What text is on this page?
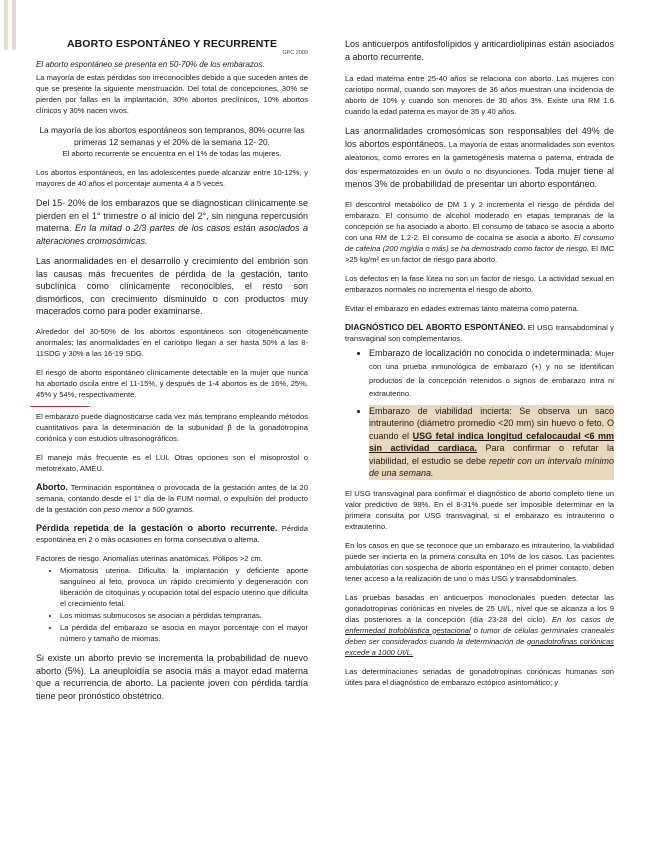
ABORTO ESPONTÁNEO Y RECURRENTE
GPC 2009

El aborto espontáneo se presenta en 50-70% de los embarazos.

La mayoría de estas pérdidas son irreconocibles debido a que suceden antes de que se presente la siguiente menstruación. Del total de concepciones, 30% se pierden por fallas en la implantación, 30% abortos preclínicos, 10% abortos clínicos y 30% nacen vivos.

La mayoría de los abortos espontáneos son tempranos, 80% ocurre las primeras 12 semanas y el 20% de la semana 12- 20.

El aborto recurrente se encuentra en el 1% de todas las mujeres.

Los abortos espontáneos, en las adolescentes puede alcanzar entre 10-12%, y mayores de 40 años el porcentaje aumenta 4 a 5 veces.

Del 15- 20% de los embarazos que se diagnostican clínicamente se pierden en el 1° trimestre o al inicio del 2°, sin ninguna repercusión materna. En la mitad o 2/3 partes de los casos están asociados a alteraciones cromosómicas.

Las anormalidades en el desarrollo y crecimiento del embrión son las causas más frecuentes de pérdida de la gestación, tanto subclínica como clínicamente reconocibles, el resto son dismórficos, con crecimiento disminuido o con productos muy macerados como para poder examinarse.

Alrededor del 30-50% de los abortos espontáneos son citogenéticamente anormales; las anormalidades en el cariotipo llegan a ser hasta 50% a las 8-11SDG y 30% a las 16-19 SDG.

El riesgo de aborto espontáneo clínicamente detectable en la mujer que nunca ha abortado oscila entre el 11-15%, y después de 1-4 abortos es de 16%, 25%, 45% y 54%, respectivamente.

El embarazo puede diagnosticarse cada vez más temprano empleando métodos cuantitativos para la determinación de la subunidad β de la gonadotropina coriónica y con estudios ultrasonográficos.

El manejo más frecuente es el LUI. Otras opciones son el misoprostol o metotrexato, AMEU.

Aborto. Terminación espontánea o provocada de la gestación antes de la 20 semana, contando desde el 1° día de la FUM normal, o expulsión del producto de la gestación con peso menor a 500 gramos.

Pérdida repetida de la gestación o aborto recurrente. Pérdida espontánea en 2 o más ocasiones en forma consecutiva o alterna.

Factores de riesgo. Anomalías uterinas anatómicas. Pólipos >2 cm.

• Miomatosis uterina. Dificulta la implantación y deficiente aporte sanguíneo al feto, provoca un rápido crecimiento y degeneración con liberación de citoquinas y ocupación total del espacio uterino que dificulta el crecimiento fetal.
• Los miomas submucosos se asocian a pérdidas tempranas.
• La pérdida del embarazo se asocia en mayor porcentaje con el mayor número y tamaño de miomas.

Si existe un aborto previo se incrementa la probabilidad de nuevo aborto (5%). La aneuploidía se asocia más a mayor edad materna que a recurrencia de aborto. La paciente joven con pérdida tardía tiene peor pronóstico obstétrico.

Los anticuerpos antifosfolípidos y anticardiolipinas están asociados a aborto recurrente.

La edad materna entre 25-40 años se relaciona con aborto. Las mujeres con cariotipo normal, cuando son mayores de 36 años muestran una incidencia de aborto de 10% y cuando son menores de 30 años 3%. Existe una RM 1.6 cuando la edad paterna es mayor de 35 y 40 años.

Las anormalidades cromosómicas son responsables del 49% de los abortos espontáneos. La mayoría de estas anormalidades son eventos aleatorios, como errores en la gametogénesis materna o paterna, entrada de dos espermatozoides en un óvulo o no disyunciones. Toda mujer tiene al menos 3% de probabilidad de presentar un aborto espontáneo.

El descontrol metabólico de DM 1 y 2 incrementa el riesgo de pérdida del embarazo. El consumo de alcohol moderado en etapas tempranas de la concepción se ha asociado a aborto. El consumo de tabaco se asocia a aborto con una RM de 1.2-2. El consumo de cocaína se asocia a aborto. El consumo de cafeína (200 mg/día o más) se ha demostrado como factor de riesgo. El IMC >25 kg/m² es un factor de riesgo para aborto.

Los defectos en la fase lútea no son un factor de riesgo. La actividad sexual en embarazos normales no incrementa el riesgo de aborto.

Evitar el embarazo en edades extremas tanto materna como paterna.

DIAGNÓSTICO DEL ABORTO ESPONTÁNEO. El USG transabdominal y transvaginal son complementarios.

• Embarazo de localización no conocida o indeterminada: Mujer con una prueba inmunológica de embarazo (+) y no se identifican productos de la concepción retenidos o signos de embarazo intra ni extrauterino.
• Embarazo de viabilidad incierta: Se observa un saco intrauterino (diámetro promedio <20 mm) sin huevo o feto. O cuando el USG fetal indica longitud cefalocaudal <6 mm sin actividad cardiaca. Para confirmar o refutar la viabilidad, el estudio se debe repetir con un intervalo mínimo de una semana.

El USG transvaginal para confirmar el diagnóstico de aborto completo tiene un valor predictivo de 98%. En el 8-31% puede ser imposible determinar en la primera consulta por USG transvaginal, si el embarazo es intrauterino o extrauterino.

En los casos en que se reconoce que un embarazo es intrauterino, la viabilidad puede ser incierta en la primera consulta en 10% de los casos. Las pacientes ambulatorias con sospecha de aborto espontáneo en el primer contacto, deben tener acceso a la realización de uno o más USG y transabdominales.

Las pruebas basadas en anticuerpos monoclonales pueden detectar las gonadotropinas coriónicas en niveles de 25 UI/L, nivel que se alcanza a los 9 días posteriores a la concepción (día 23-28 del ciclo). En los casos de enfermedad trofoblástica gestacional o tumor de células germinales craneales deben ser considerados cuando la determinación de gonadotrofinas coriónicas excede a 1000 UI/L.

Las determinaciones seriadas de gonadotropinas coriónicas humanas son útiles para el diagnóstico de embarazo ectópico asintomático; y
